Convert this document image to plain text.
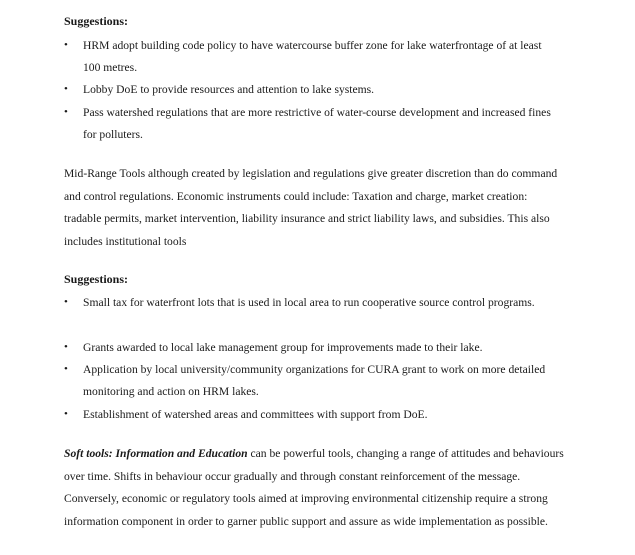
Suggestions:
• HRM adopt building code policy to have watercourse buffer zone for lake waterfrontage of at least 100 metres.
• Lobby DoE to provide resources and attention to lake systems.
• Pass watershed regulations that are more restrictive of water-course development and increased fines for polluters.
Mid-Range Tools although created by legislation and regulations give greater discretion than do command and control regulations. Economic instruments could include: Taxation and charge, market creation: tradable permits, market intervention, liability insurance and strict liability laws, and subsidies. This also includes institutional tools
Suggestions:
• Small tax for waterfront lots that is used in local area to run cooperative source control programs.
• Grants awarded to local lake management group for improvements made to their lake.
• Application by local university/community organizations for CURA grant to work on more detailed monitoring and action on HRM lakes.
• Establishment of watershed areas and committees with support from DoE.
Soft tools: Information and Education can be powerful tools, changing a range of attitudes and behaviours over time. Shifts in behaviour occur gradually and through constant reinforcement of the message. Conversely, economic or regulatory tools aimed at improving environmental citizenship require a strong information component in order to garner public support and assure as wide implementation as possible.
